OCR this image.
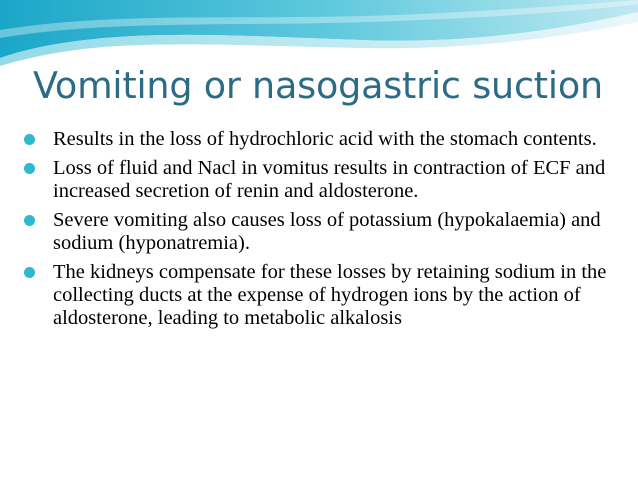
Vomiting or nasogastric suction
Results in the loss of hydrochloric acid with the stomach contents.
Loss of fluid and Nacl in vomitus results in contraction of ECF and increased secretion of renin and aldosterone.
Severe vomiting also causes loss of potassium (hypokalaemia) and sodium (hyponatremia).
The kidneys compensate for these losses by retaining sodium in the collecting ducts at the expense of hydrogen ions by the action of aldosterone, leading to metabolic alkalosis
